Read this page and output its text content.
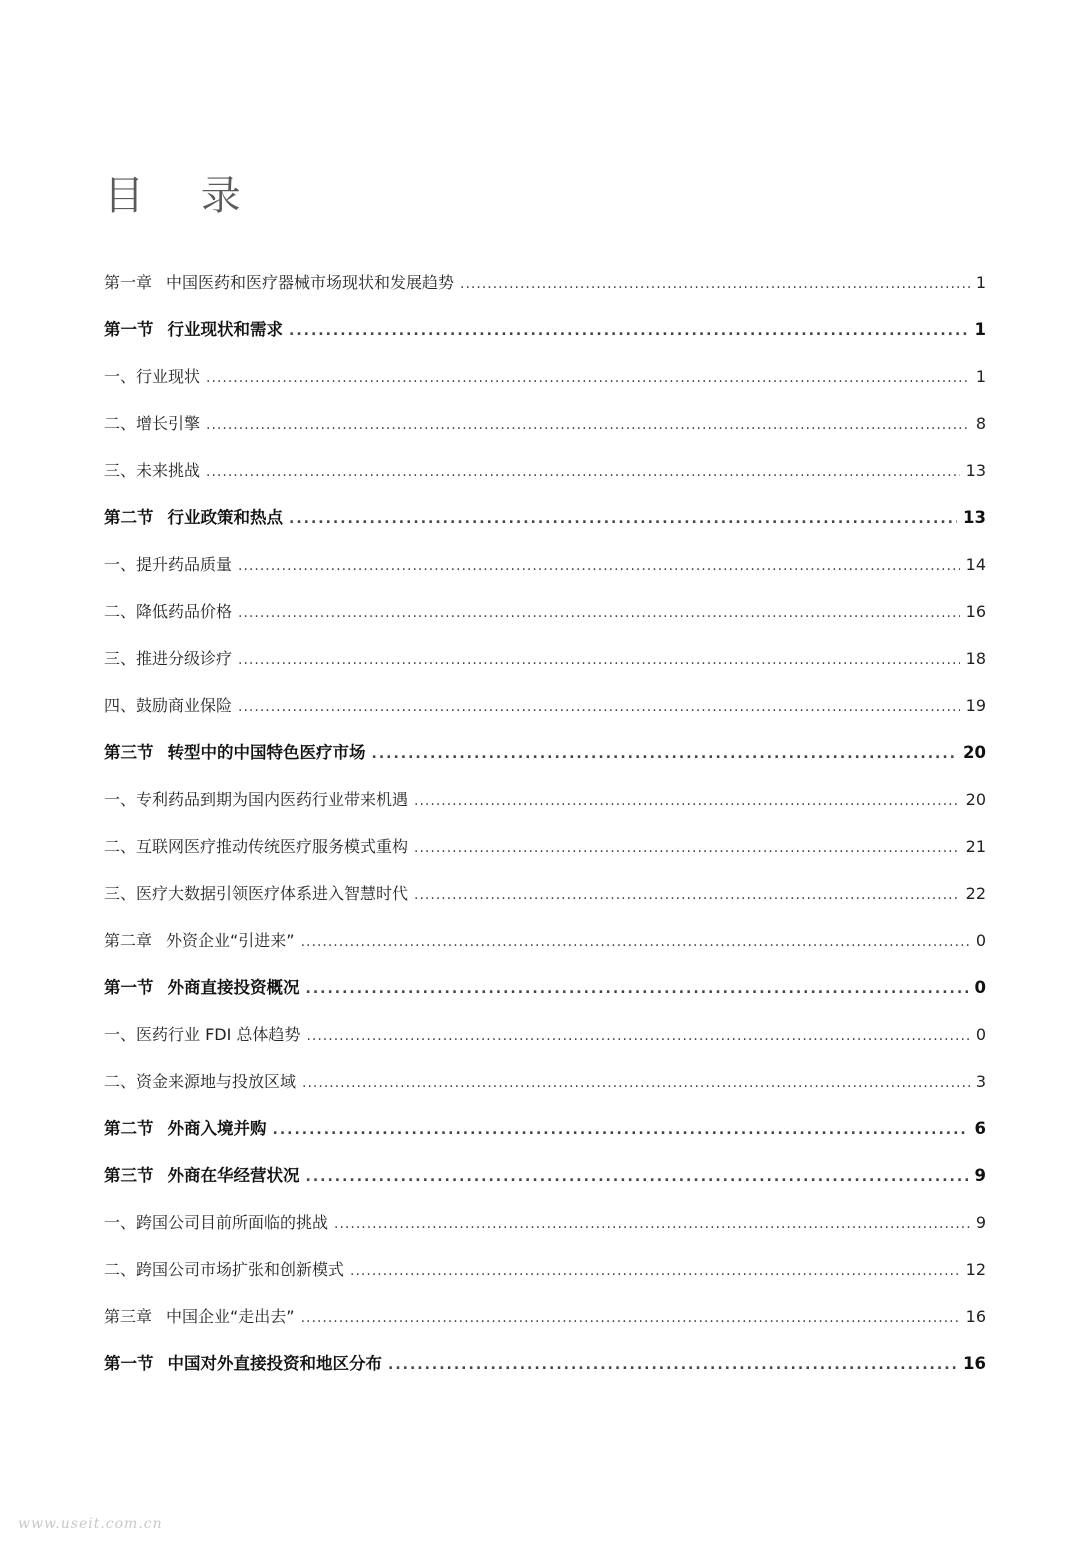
目 录
第一章 中国医药和医疗器械市场现状和发展趋势 .....	1
第一节 行业现状和需求 .....	1
一、 行业现状 .....	1
二、 增长引擎 .....	8
三、 未来挑战 .....	13
第二节 行业政策和热点 .....	13
一、 提升药品质量 .....	14
二、 降低药品价格 .....	16
三、 推进分级诊疗 .....	18
四、 鼓励商业保险 .....	19
第三节 转型中的中国特色医疗市场 .....	20
一、 专利药品到期为国内医药行业带来机遇 .....	20
二、 互联网医疗推动传统医疗服务模式重构 .....	21
三、 医疗大数据引领医疗体系进入智慧时代 .....	22
第二章 外资企业“引进来” .....	0
第一节 外商直接投资概况 .....	0
一、 医药行业 FDI 总体趋势 .....	0
二、 资金来源地与投放区域 .....	3
第二节 外商入境并购 .....	6
第三节 外商在华经营状况 .....	9
一、 跨国公司目前所面临的挑战 .....	9
二、 跨国公司市场扩张和创新模式 .....	12
第三章 中国企业“走出去” .....	16
第一节 中国对外直接投资和地区分布 .....	16
www.useit.com.cn
